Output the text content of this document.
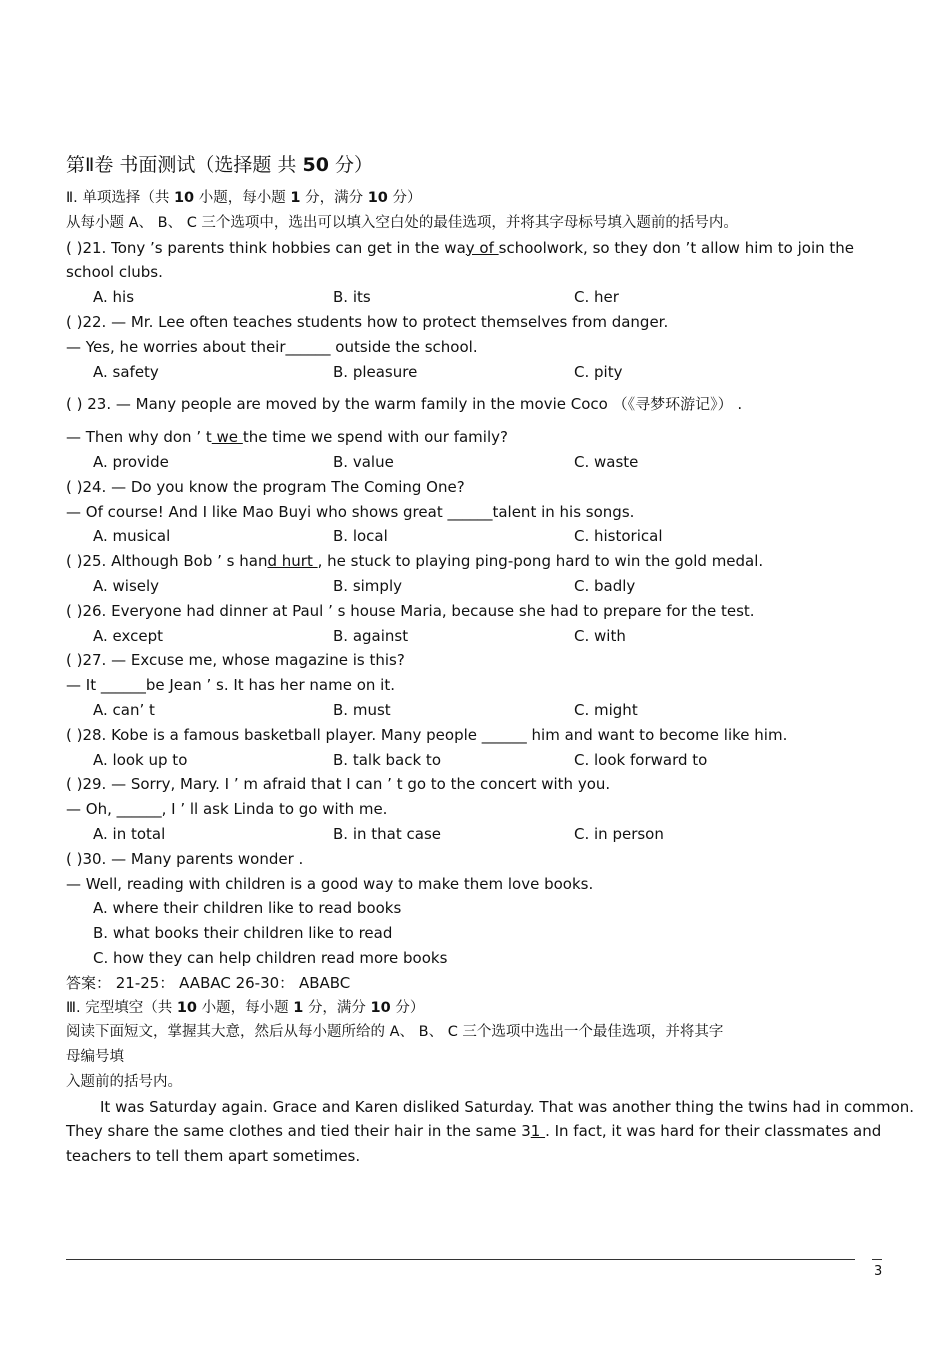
第Ⅱ卷 书面测试（选择题 共 50 分）
Ⅱ. 单项选择（共 10 小题，每小题 1 分，满分 10 分）
从每小题 A、 B、 C 三个选项中，选出可以填入空白处的最佳选项，并将其字母标号填入题前的括号内。
( )21. Tony ’s parents think hobbies can get in the way of schoolwork, so they don ’t allow him to join the
school clubs.
A. his	B. its	C. her
( )22. — Mr. Lee often teaches students how to protect themselves from danger.
— Yes, he worries about their______ outside the school.
A. safety	B. pleasure	C. pity
( ) 23. — Many people are moved by the warm family in the movie Coco （《寻梦环游记》） .
— Then why don ’ t we the time we spend with our family?
A. provide	B. value	C. waste
( )24. — Do you know the program The Coming One?
— Of course! And I like Mao Buyi who shows great ______talent in his songs.
A. musical	B. local	C. historical
( )25. Although Bob ’ s hand hurt , he stuck to playing ping-pong hard to win the gold medal.
A. wisely	B. simply	C. badly
( )26. Everyone had dinner at Paul ’ s house Maria, because she had to prepare for the test.
A. except	B. against	C. with
( )27. — Excuse me, whose magazine is this?
— It ______be Jean ’ s. It has her name on it.
A. can’ t	B. must	C. might
( )28. Kobe is a famous basketball player. Many people ______ him and want to become like him.
A. look up to	B. talk back to	C. look forward to
( )29. — Sorry, Mary. I ’ m afraid that I can ’ t go to the concert with you.
— Oh, ______, I ’ ll ask Linda to go with me.
A. in total	B. in that case	C. in person
( )30. — Many parents wonder .
— Well, reading with children is a good way to make them love books.
A. where their children like to read books
B. what books their children like to read
C. how they can help children read more books
答案： 21-25： AABAC 26-30： ABABC
Ⅲ. 完型填空（共 10 小题，每小题 1 分，满分 10 分）
阅读下面短文，掌握其大意，然后从每小题所给的 A、 B、 C 三个选项中选出一个最佳选项，并将其字
母编号填
入题前的括号内。
It was Saturday again. Grace and Karen disliked Saturday. That was another thing the twins had in common.
They share the same clothes and tied their hair in the same 31 . In fact, it was hard for their classmates and
teachers to tell them apart sometimes.
3
